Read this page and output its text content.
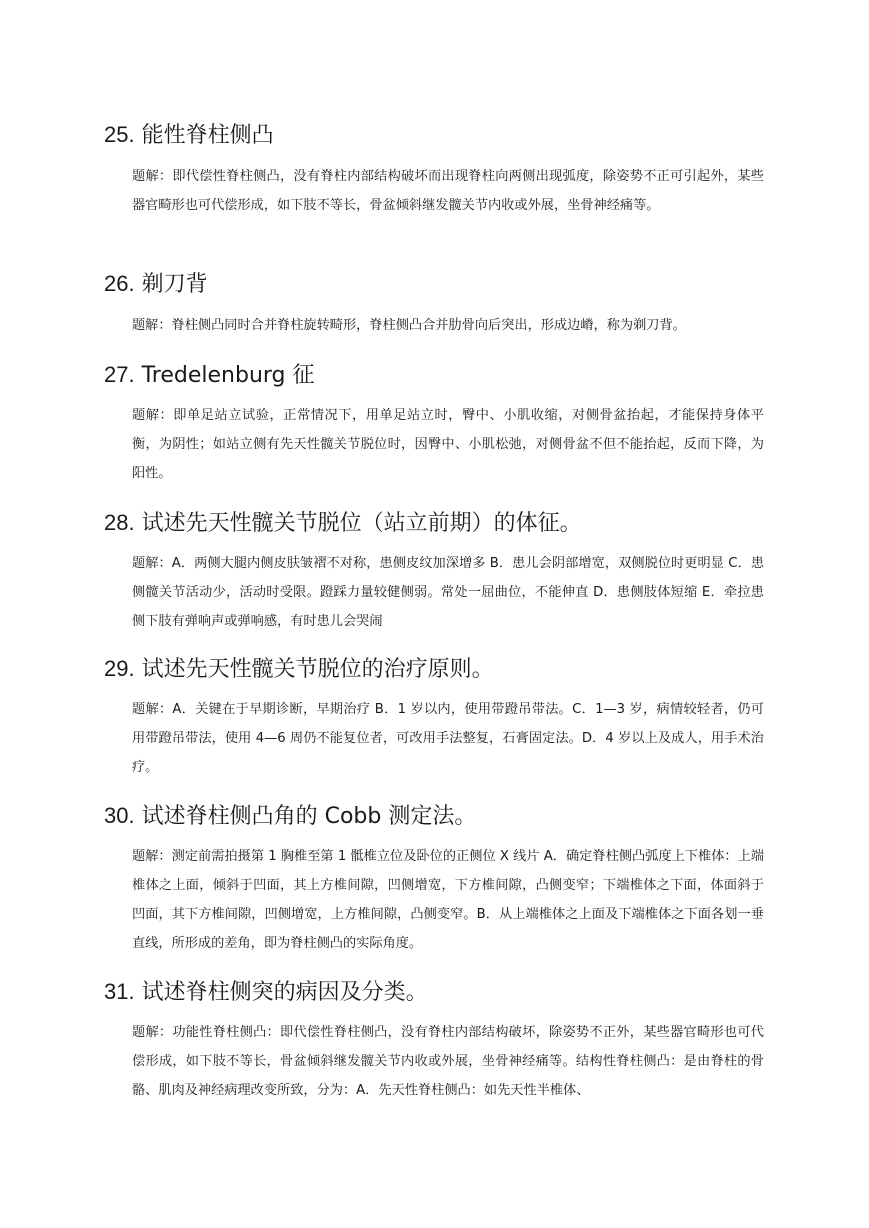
25. 能性脊柱侧凸

题解：即代偿性脊柱侧凸，没有脊柱内部结构破坏而出现脊柱向两侧出现弧度，除姿势不正可引起外，某些器官畸形也可代偿形成，如下肢不等长，骨盆倾斜继发髋关节内收或外展，坐骨神经痛等。

26. 剃刀背

题解：脊柱侧凸同时合并脊柱旋转畸形，脊柱侧凸合并肋骨向后突出，形成边嵴，称为剃刀背。

27. Tredelenburg 征

题解：即单足站立试验，正常情况下，用单足站立时，臀中、小肌收缩，对侧骨盆抬起，才能保持身体平衡，为阴性；如站立侧有先天性髋关节脱位时，因臀中、小肌松弛，对侧骨盆不但不能抬起，反而下降，为阳性。

28. 试述先天性髋关节脱位（站立前期）的体征。

题解：A．两侧大腿内侧皮肤皱褶不对称，患侧皮纹加深增多 B．患儿会阴部增宽，双侧脱位时更明显 C．患侧髋关节活动少，活动时受限。蹬踩力量较健侧弱。常处一屈曲位，不能伸直 D．患侧肢体短缩 E．牵拉患侧下肢有弹响声或弹响感，有时患儿会哭闹

29. 试述先天性髋关节脱位的治疗原则。

题解：A．关键在于早期诊断，早期治疗 B．1 岁以内，使用带蹬吊带法。C．1—3 岁，病情较轻者，仍可用带蹬吊带法，使用 4—6 周仍不能复位者，可改用手法整复，石膏固定法。D．4 岁以上及成人，用手术治疗。

30. 试述脊柱侧凸角的 Cobb 测定法。

题解：测定前需拍摄第 1 胸椎至第 1 骶椎立位及卧位的正侧位 X 线片 A．确定脊柱侧凸弧度上下椎体：上端椎体之上面，倾斜于凹面，其上方椎间隙，凹侧增宽，下方椎间隙，凸侧变窄；下端椎体之下面，体面斜于凹面，其下方椎间隙，凹侧增宽，上方椎间隙，凸侧变窄。B．从上端椎体之上面及下端椎体之下面各划一垂直线，所形成的差角，即为脊柱侧凸的实际角度。

31. 试述脊柱侧突的病因及分类。

题解：功能性脊柱侧凸：即代偿性脊柱侧凸，没有脊柱内部结构破坏，除姿势不正外，某些器官畸形也可代偿形成，如下肢不等长，骨盆倾斜继发髋关节内收或外展，坐骨神经痛等。结构性脊柱侧凸：是由脊柱的骨骼、肌肉及神经病理改变所致，分为：A．先天性脊柱侧凸：如先天性半椎体、
